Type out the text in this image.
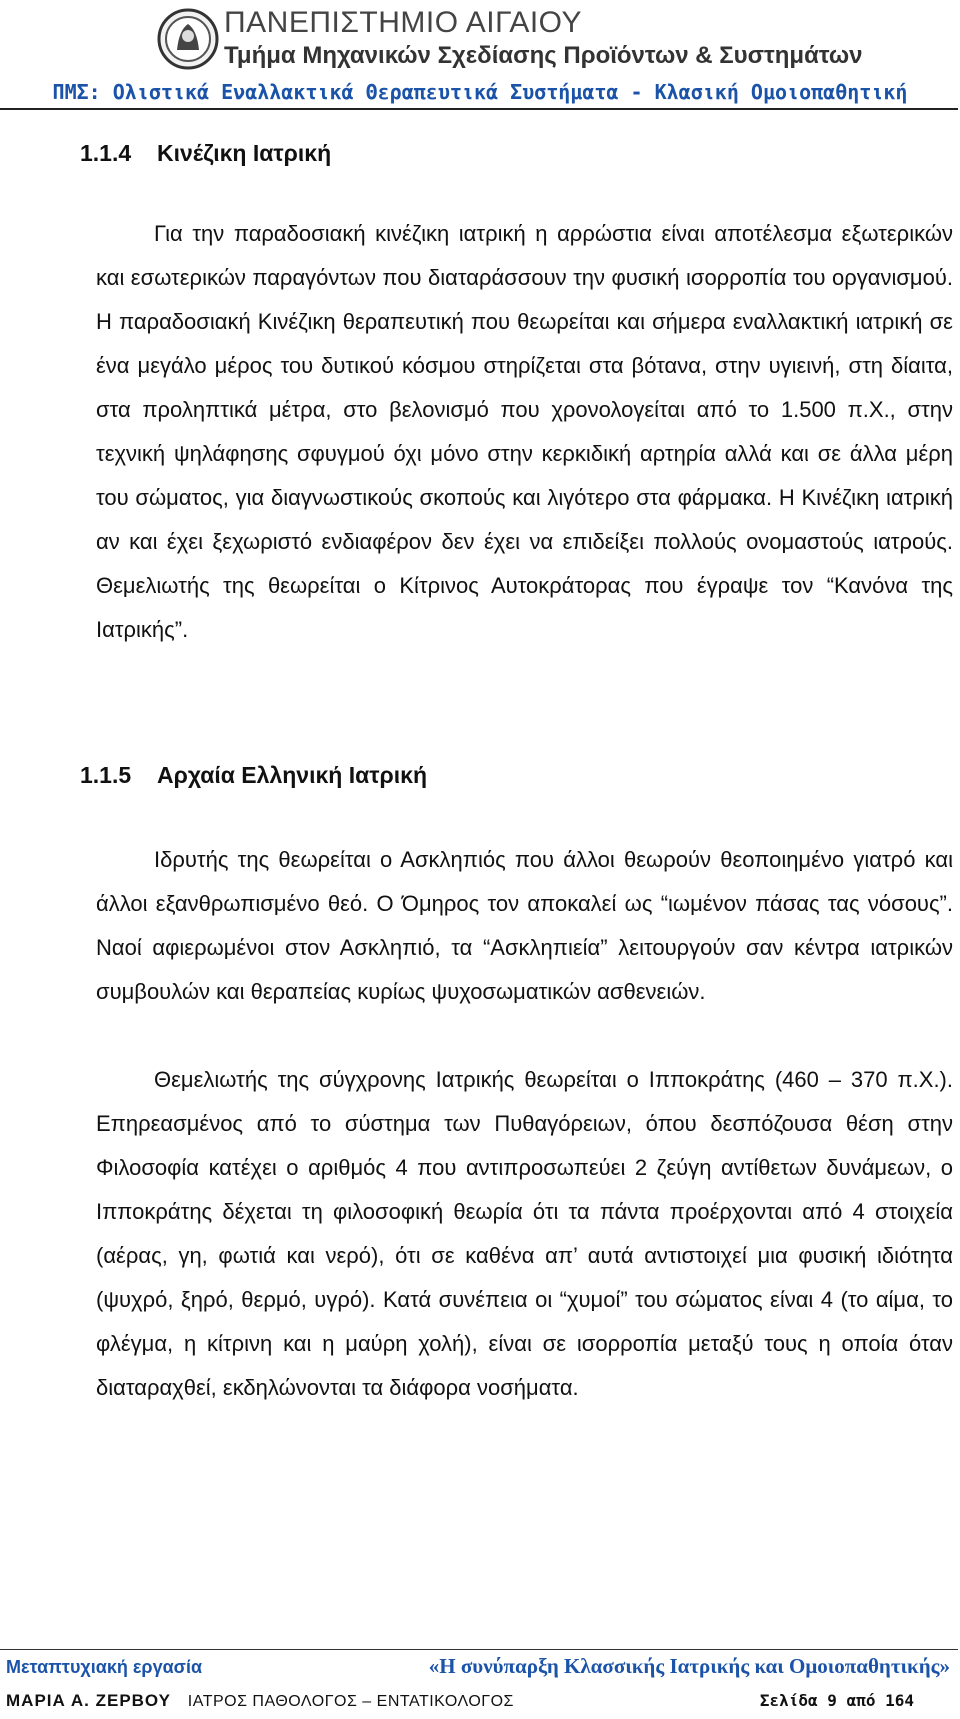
ΠΑΝΕΠΙΣΤΗΜΙΟ ΑΙΓΑΙΟΥ
Τμήμα Μηχανικών Σχεδίασης Προϊόντων & Συστημάτων
ΠΜΣ: Ολιστικά Εναλλακτικά Θεραπευτικά Συστήματα - Κλασική Ομοιοπαθητική
1.1.4 Κινέζικη Ιατρική
Για την παραδοσιακή κινέζικη ιατρική η αρρώστια είναι αποτέλεσμα εξωτερικών και εσωτερικών παραγόντων που διαταράσσουν την φυσική ισορροπία του οργανισμού. Η παραδοσιακή Κινέζικη θεραπευτική που θεωρείται και σήμερα εναλλακτική ιατρική σε ένα μεγάλο μέρος του δυτικού κόσμου στηρίζεται στα βότανα, στην υγιεινή, στη δίαιτα, στα προληπτικά μέτρα, στο βελονισμό που χρονολογείται από το 1.500 π.Χ., στην τεχνική ψηλάφησης σφυγμού όχι μόνο στην κερκιδική αρτηρία αλλά και σε άλλα μέρη του σώματος, για διαγνωστικούς σκοπούς και λιγότερο στα φάρμακα. Η Κινέζικη ιατρική αν και έχει ξεχωριστό ενδιαφέρον δεν έχει να επιδείξει πολλούς ονομαστούς ιατρούς. Θεμελιωτής της θεωρείται ο Κίτρινος Αυτοκράτορας που έγραψε τον “Κανόνα της Ιατρικής”.
1.1.5 Αρχαία Ελληνική Ιατρική
Ιδρυτής της θεωρείται ο Ασκληπιός που άλλοι θεωρούν θεοποιημένο γιατρό και άλλοι εξανθρωπισμένο θεό. Ο Όμηρος τον αποκαλεί ως “ιωμένον πάσας τας νόσους”. Ναοί αφιερωμένοι στον Ασκληπιό, τα “Ασκληπιεία” λειτουργούν σαν κέντρα ιατρικών συμβουλών και θεραπείας κυρίως ψυχοσωματικών ασθενειών.
Θεμελιωτής της σύγχρονης Ιατρικής θεωρείται ο Ιπποκράτης (460 – 370 π.Χ.). Επηρεασμένος από το σύστημα των Πυθαγόρειων, όπου δεσπόζουσα θέση στην Φιλοσοφία κατέχει ο αριθμός 4 που αντιπροσωπεύει 2 ζεύγη αντίθετων δυνάμεων, ο Ιπποκράτης δέχεται τη φιλοσοφική θεωρία ότι τα πάντα προέρχονται από 4 στοιχεία (αέρας, γη, φωτιά και νερό), ότι σε καθένα απ’ αυτά αντιστοιχεί μια φυσική ιδιότητα (ψυχρό, ξηρό, θερμό, υγρό). Κατά συνέπεια οι “χυμοί” του σώματος είναι 4 (το αίμα, το φλέγμα, η κίτρινη και η μαύρη χολή), είναι σε ισορροπία μεταξύ τους η οποία όταν διαταραχθεί, εκδηλώνονται τα διάφορα νοσήματα.
Μεταπτυχιακή εργασία	«Η συνύπαρξη Κλασσικής Ιατρικής και Ομοιοπαθητικής»
ΜΑΡΙΑ Α. ΖΕΡΒΟΥ ΙΑΤΡΟΣ ΠΑΘΟΛΟΓΟΣ – ΕΝΤΑΤΙΚΟΛΟΓΟΣ	Σελίδα 9 από 164
